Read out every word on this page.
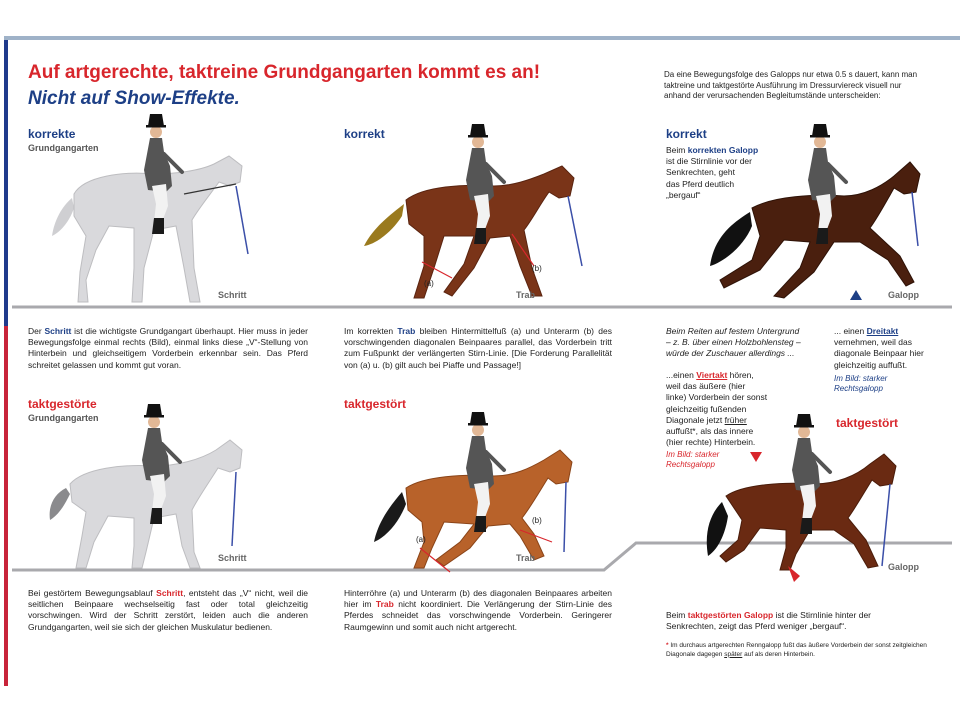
Auf artgerechte, taktreine Grundgangarten kommt es an!
Nicht auf Show-Effekte.
Da eine Bewegungsfolge des Galopps nur etwa 0.5 s dauert, kann man taktreine und taktgestörte Ausführung im Dressurviereck visuell nur anhand der verursachenden Begleitumstände unterscheiden:
korrekte
Grundgangarten
korrekt	korrekt
Beim korrekten Galopp
ist die Stirnlinie vor der
Senkrechten, geht
das Pferd deutlich
„bergauf“
Schritt	Trab	Galopp
(a)
(b)
Der Schritt ist die wichtigste Grundgangart überhaupt. Hier muss in jeder Bewegungsfolge einmal rechts (Bild), einmal links diese „V“-Stellung von Hinterbein und gleichseitigem Vorderbein erkennbar sein. Das Pferd schreitet gelassen und kommt gut voran.
Im korrekten Trab bleiben Hintermittelfuß (a) und Unterarm (b) des vorschwingenden diagonalen Beinpaares parallel, das Vorderbein tritt zum Fußpunkt der verlängerten Stirn-Linie. [Die Forderung Parallelität von (a) u. (b) gilt auch bei Piaffe und Passage!]
Beim Reiten auf festem Untergrund
– z. B. über einen Holzbohlensteg –
würde der Zuschauer allerdings ...
...einen Viertakt hören,
weil das äußere (hier
linke) Vorderbein der sonst
gleichzeitig fußenden
Diagonale jetzt früher
auffußt*, als das innere
(hier rechte) Hinterbein.
Im Bild: starker
Rechtsgalopp
... einen Dreitakt
vernehmen, weil das
diagonale Beinpaar hier
gleichzeitig auffußt.
Im Bild: starker
Rechtsgalopp
taktgestörte
Grundgangarten
taktgestört
taktgestört
Schritt	Trab
Galopp
(a)
(b)
Bei gestörtem Bewegungsablauf Schritt, entsteht das „V“ nicht, weil die seitlichen Beinpaare wechselseitig fast oder total gleichzeitig vorschwingen. Wird der Schritt zerstört, leiden auch die anderen Grundgangarten, weil sie sich der gleichen Muskulatur bedienen.
Hinterröhre (a) und Unterarm (b) des diagonalen Beinpaares arbeiten hier im Trab nicht koordiniert. Die Verlängerung der Stirn-Linie des Pferdes schneidet das vorschwingende Vorderbein. Geringerer Raumgewinn und somit auch nicht artgerecht.
Beim taktgestörten Galopp ist die Stirnlinie hinter der Senkrechten, zeigt das Pferd weniger „bergauf“.
* Im durchaus artgerechten Renngalopp fußt das äußere Vorderbein der sonst zeitgleichen Diagonale dagegen später auf als deren Hinterbein.
